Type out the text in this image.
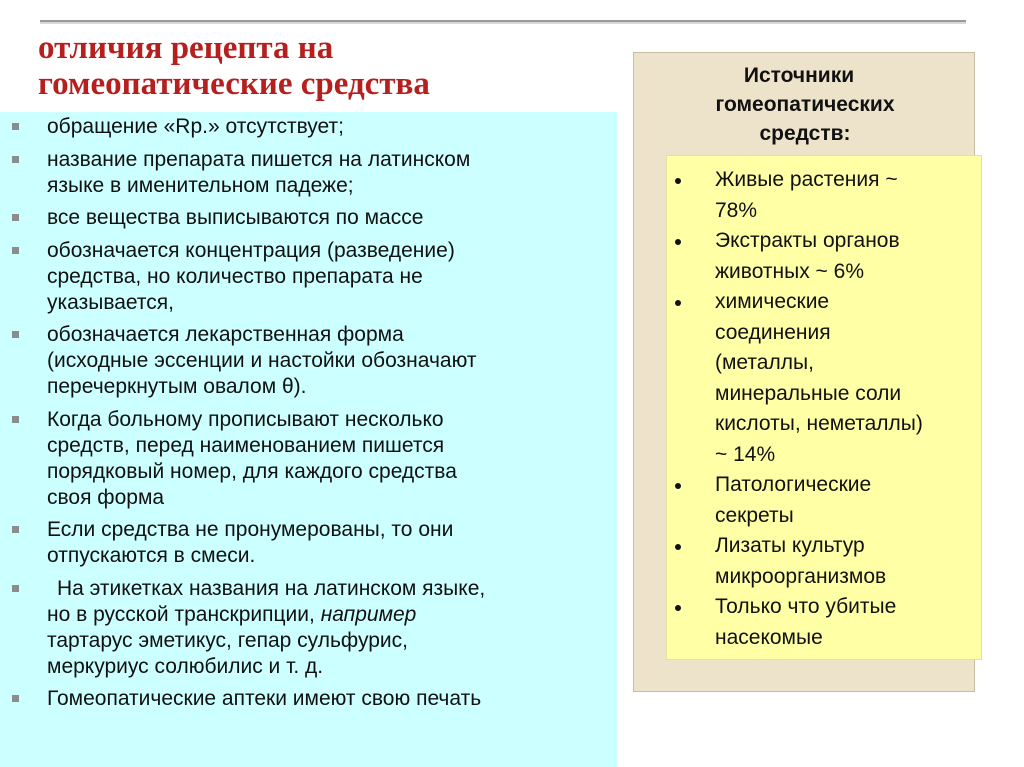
отличия рецепта на
гомеопатические средства
обращение «Rp.» отсутствует;
название препарата пишется на латинском
языке в именительном падеже;
все вещества выписываются по массе
обозначается концентрация (разведение)
средства, но количество препарата не
указывается,
обозначается лекарственная форма
(исходные эссенции и настойки обозначают
перечеркнутым овалом θ).
Когда больному прописывают несколько
средств, перед наименованием пишется
порядковый номер, для каждого средства
своя форма
Если средства не пронумерованы, то они
отпускаются в смеси.
На этикетках названия на латинском языке,
но в русской транскрипции, например
тартарус эметикус, гепар сульфурис,
меркуриус солюбилис и т. д.
Гомеопатические аптеки имеют свою печать
Источники
гомеопатических
средств:
Живые растения ~
78%
Экстракты органов
животных ~ 6%
химические
соединения
(металлы,
минеральные соли
кислоты, неметаллы)
~ 14%
Патологические
секреты
Лизаты культур
микроорганизмов
Только что убитые
насекомые
